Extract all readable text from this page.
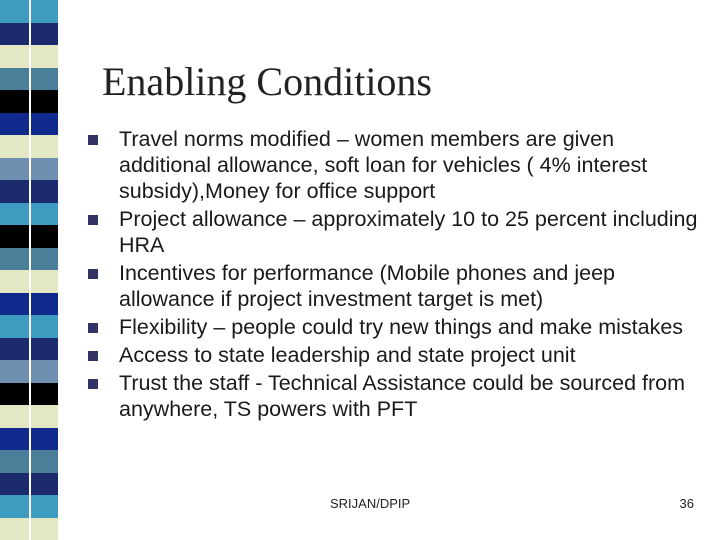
Enabling Conditions
Travel norms modified – women members are given additional allowance, soft loan for vehicles ( 4% interest subsidy),Money for office support
Project allowance – approximately 10 to 25 percent including HRA
Incentives for performance (Mobile phones and jeep allowance if project investment target is met)
Flexibility – people could try new things and make mistakes
Access to state leadership and state project unit
Trust the staff - Technical Assistance could be sourced from anywhere, TS powers with PFT
SRIJAN/DPIP	36
